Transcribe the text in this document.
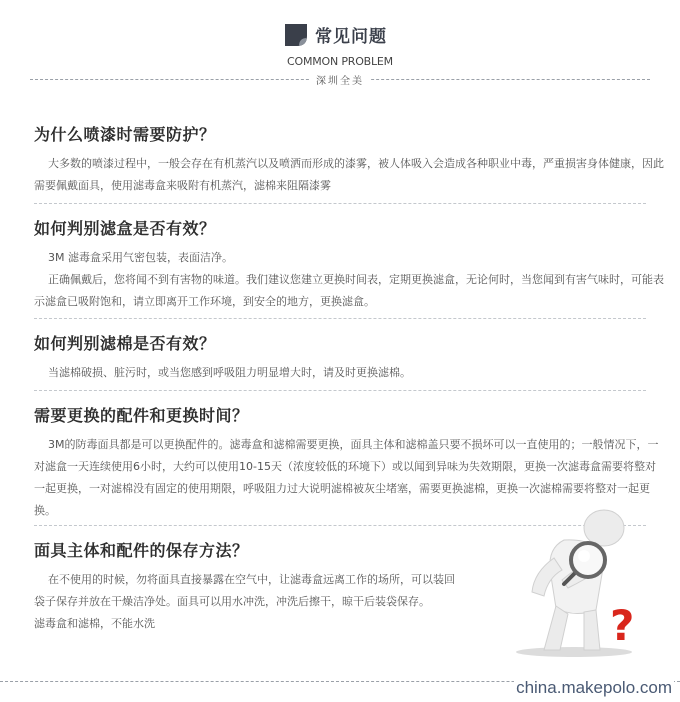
常见问题
COMMON PROBLEM
深圳全美
为什么喷漆时需要防护？

大多数的喷漆过程中，一般会存在有机蒸汽以及喷洒而形成的漆雾，被人体吸入会造成各种职业中毒，严重损害身体健康，因此需要佩戴面具，使用滤毒盒来吸附有机蒸汽，滤棉来阻隔漆雾

如何判别滤盒是否有效？

3M 滤毒盒采用气密包装，表面洁净。

正确佩戴后，您将闻不到有害物的味道。我们建议您建立更换时间表，定期更换滤盒，无论何时，当您闻到有害气味时，可能表示滤盒已吸附饱和，请立即离开工作环境，到安全的地方，更换滤盒。

如何判别滤棉是否有效？

当滤棉破损、脏污时，或当您感到呼吸阻力明显增大时，请及时更换滤棉。

需要更换的配件和更换时间？

3M的防毒面具都是可以更换配件的。滤毒盒和滤棉需要更换，面具主体和滤棉盖只要不损坏可以一直使用的；一般情况下，一对滤盒一天连续使用6小时，大约可以使用10-15天（浓度较低的环境下）或以闻到异味为失效期限，更换一次滤毒盒需要将整对一起更换，一对滤棉没有固定的使用期限，呼吸阻力过大说明滤棉被灰尘堵塞，需要更换滤棉，更换一次滤棉需要将整对一起更换。

面具主体和配件的保存方法？

在不使用的时候，勿将面具直接暴露在空气中，让滤毒盒远离工作的场所，可以装回袋子保存并放在干燥洁净处。面具可以用水冲洗，冲洗后擦干，晾干后装袋保存。

滤毒盒和滤棉，不能水洗	?
china.makepolo.com
